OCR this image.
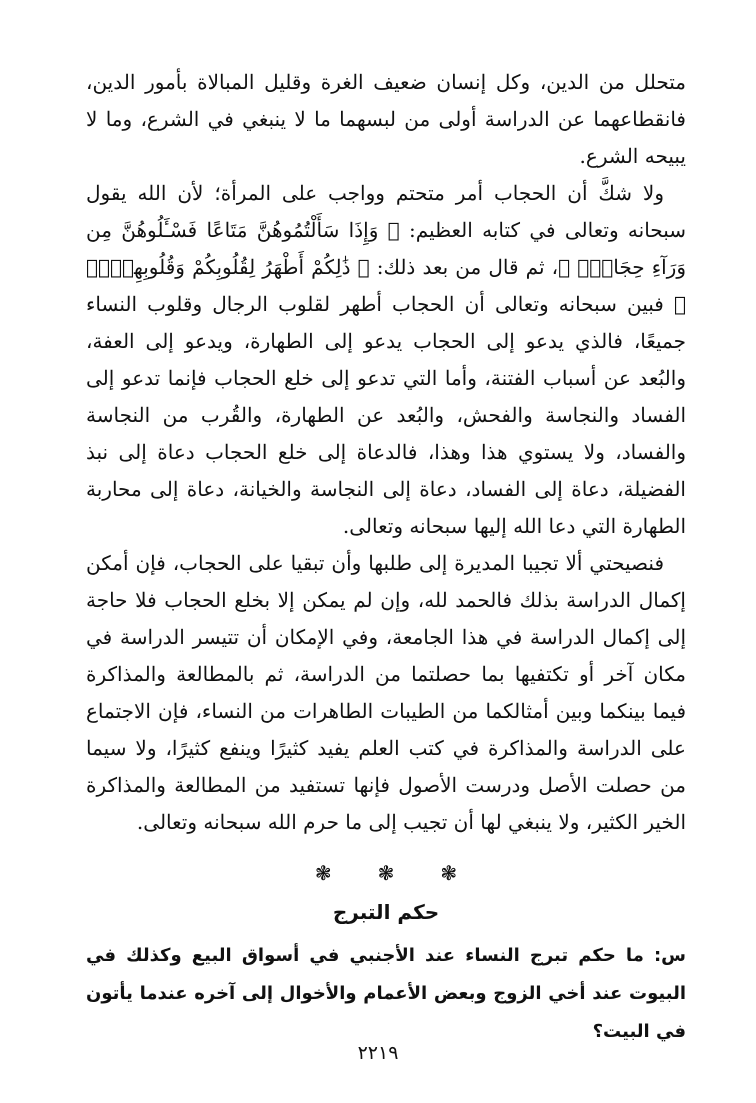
متحلل من الدين، وكل إنسان ضعيف الغرة وقليل المبالاة بأمور الدين، فانقطاعهما عن الدراسة أولى من لبسهما ما لا ينبغي في الشرع، وما لا يبيحه الشرع.

ولا شكَّ أن الحجاب أمر متحتم وواجب على المرأة؛ لأن الله يقول سبحانه وتعالى في كتابه العظيم: ﴿ وَإِذَا سَأَلْتُمُوهُنَّ مَتَاعًا فَسْـَٔلُوهُنَّ مِن وَرَآءِ حِجَابٍۚ ﴾، ثم قال من بعد ذلك: ﴿ ذَٰلِكُمْ أَطْهَرُ لِقُلُوبِكُمْ وَقُلُوبِهِنَّۚ ﴾ فبين سبحانه وتعالى أن الحجاب أطهر لقلوب الرجال وقلوب النساء جميعًا، فالذي يدعو إلى الحجاب يدعو إلى الطهارة، ويدعو إلى العفة، والبُعد عن أسباب الفتنة، وأما التي تدعو إلى خلع الحجاب فإنما تدعو إلى الفساد والنجاسة والفحش، والبُعد عن الطهارة، والقُرب من النجاسة والفساد، ولا يستوي هذا وهذا، فالدعاة إلى خلع الحجاب دعاة إلى نبذ الفضيلة، دعاة إلى الفساد، دعاة إلى النجاسة والخيانة، دعاة إلى محاربة الطهارة التي دعا الله إليها سبحانه وتعالى.

فنصيحتي ألا تجيبا المديرة إلى طلبها وأن تبقيا على الحجاب، فإن أمكن إكمال الدراسة بذلك فالحمد لله، وإن لم يمكن إلا بخلع الحجاب فلا حاجة إلى إكمال الدراسة في هذا الجامعة، وفي الإمكان أن تتيسر الدراسة في مكان آخر أو تكتفيها بما حصلتما من الدراسة، ثم بالمطالعة والمذاكرة فيما بينكما وبين أمثالكما من الطيبات الطاهرات من النساء، فإن الاجتماع على الدراسة والمذاكرة في كتب العلم يفيد كثيرًا وينفع كثيرًا، ولا سيما من حصلت الأصل ودرست الأصول فإنها تستفيد من المطالعة والمذاكرة الخير الكثير، ولا ينبغي لها أن تجيب إلى ما حرم الله سبحانه وتعالى.

❃
❃
❃
حكم التبرج

س: ما حكم تبرج النساء عند الأجنبي في أسواق البيع وكذلك في البيوت عند أخي الزوج وبعض الأعمام والأخوال إلى آخره عندما يأتون في البيت؟

٢٢١٩
